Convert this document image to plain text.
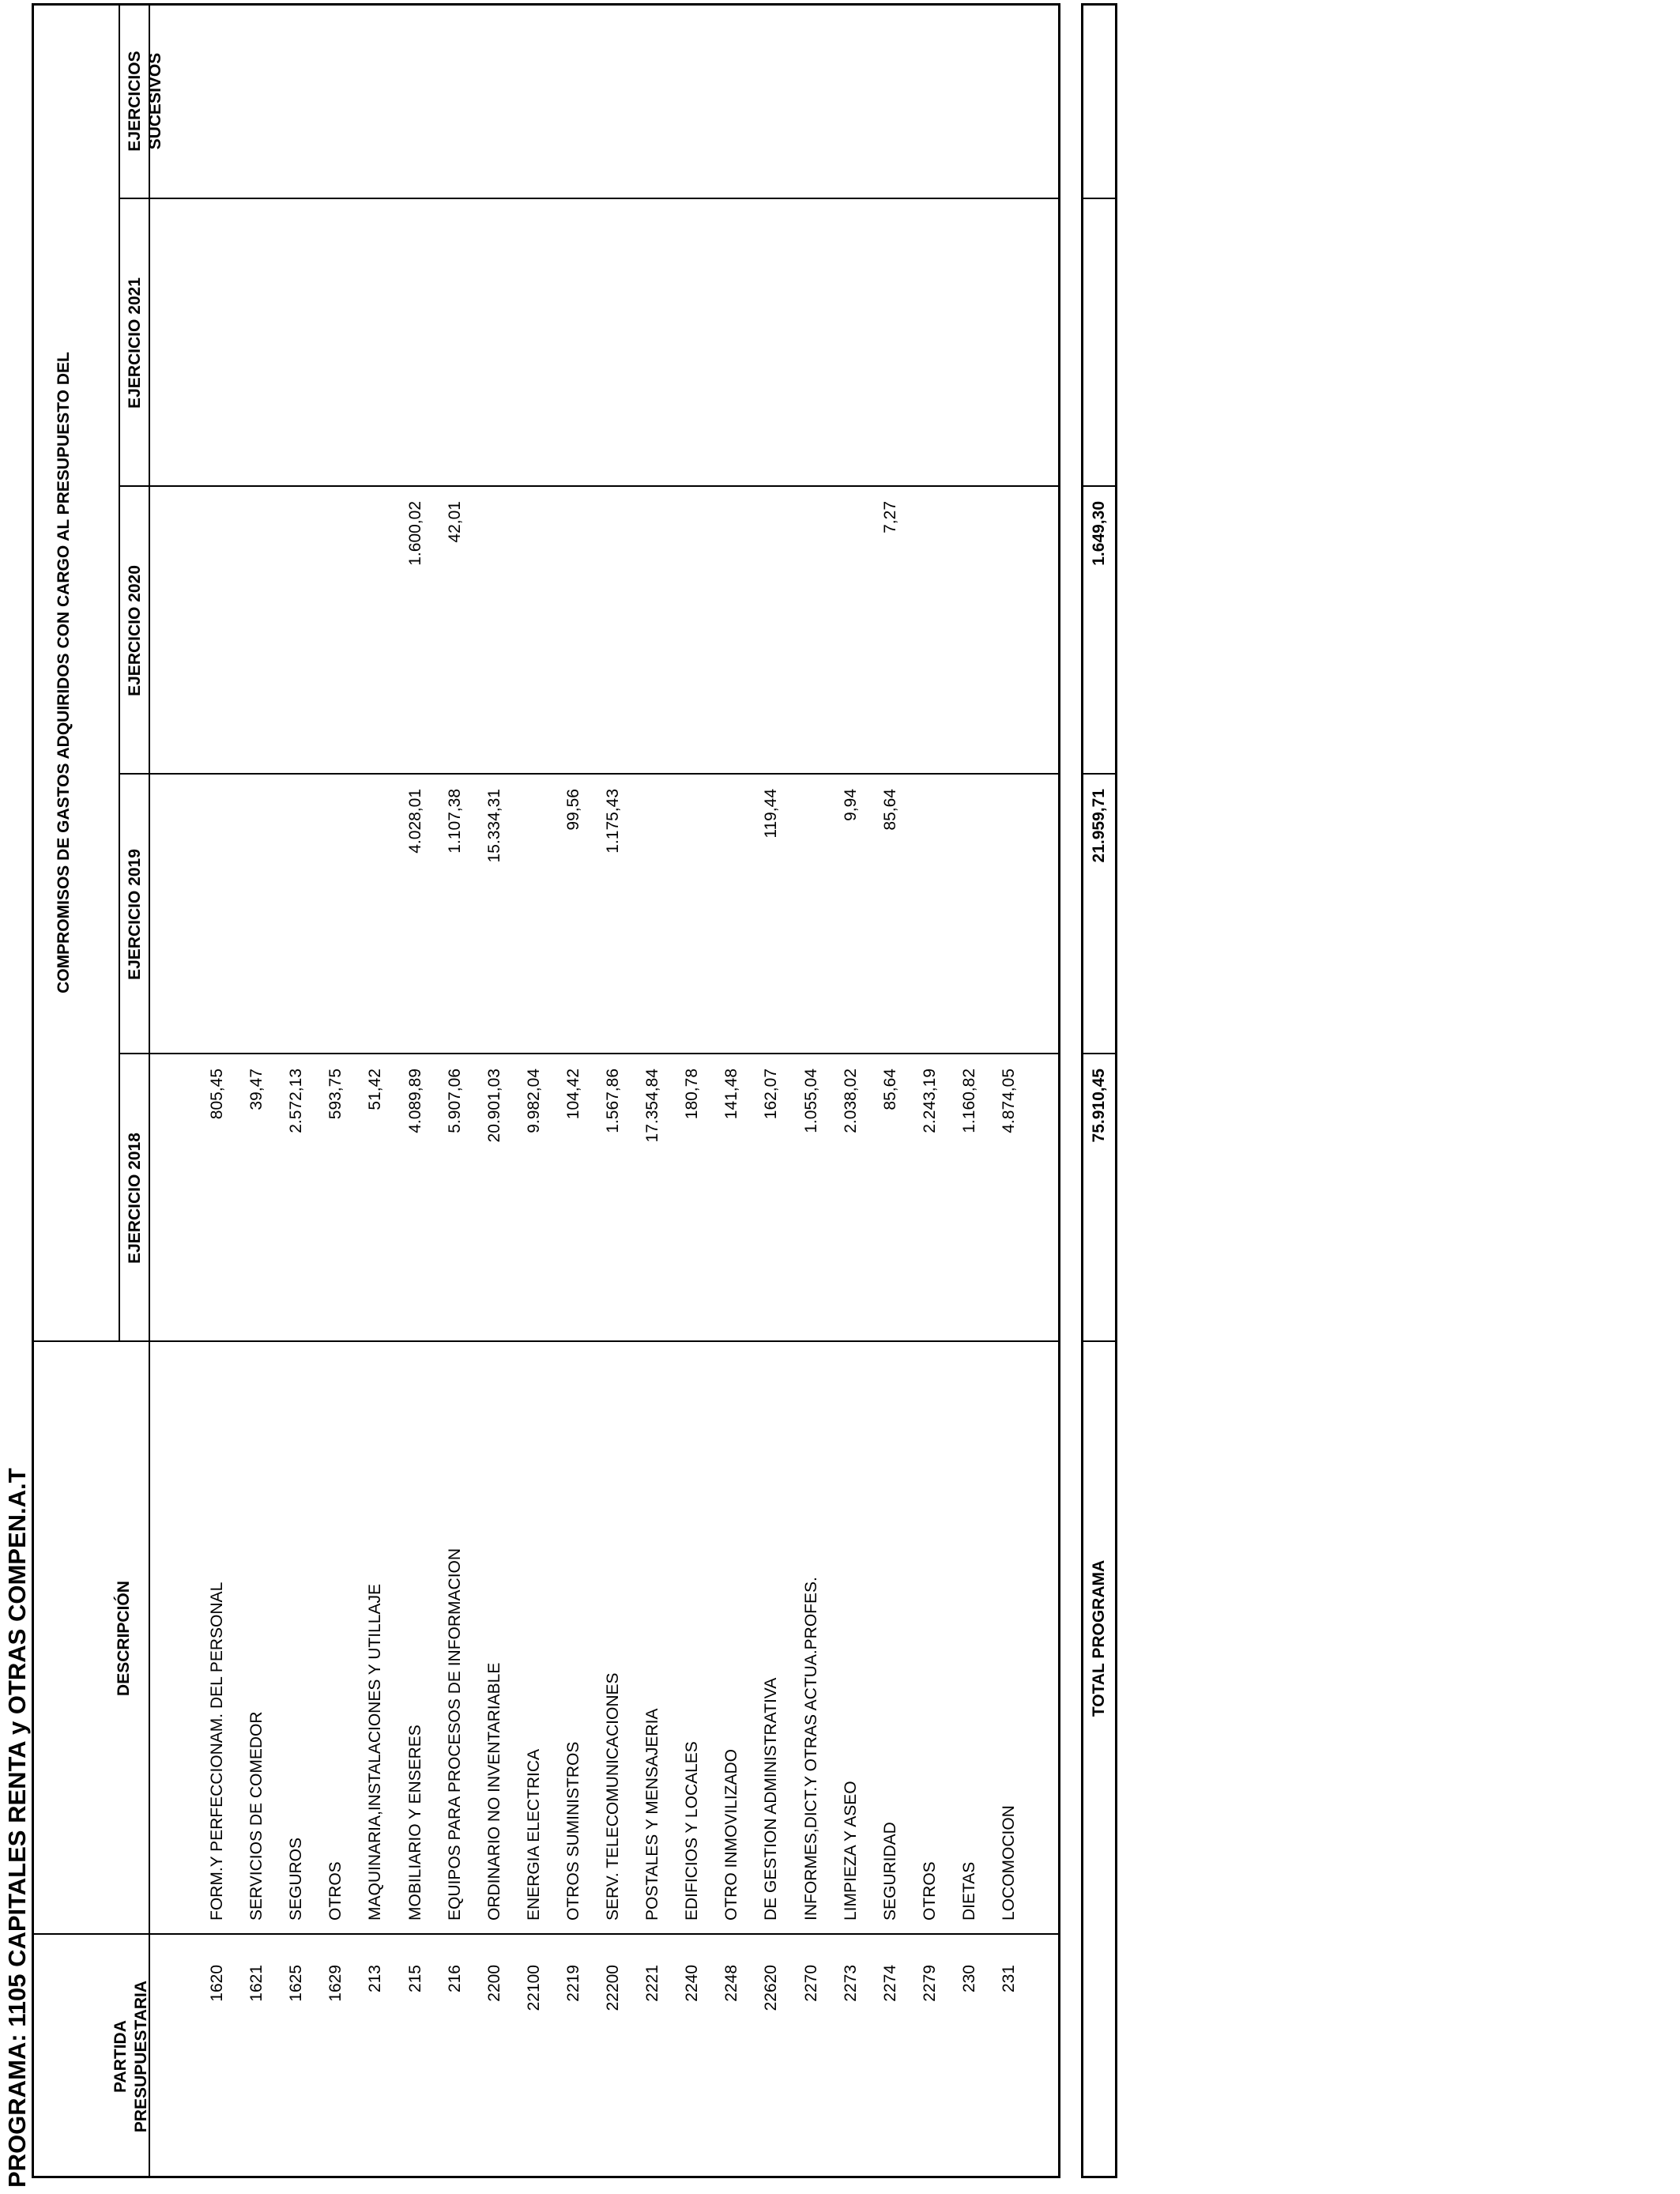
PROGRAMA: 1105 CAPITALES RENTA y OTRAS COMPEN.A.T	PARTIDA PRESUPUESTARIA
DESCRIPCIÓN
COMPROMISOS DE GASTOS ADQUIRIDOS CON CARGO AL PRESUPUESTO DEL
EJERCICIO 2018
EJERCICIO 2019
EJERCICIO 2020
EJERCICIO 2021
EJERCICIOS SUCESIVOS
1620
FORM.Y PERFECCIONAM. DEL PERSONAL
805,45
1621
SERVICIOS DE COMEDOR
39,47
1625
SEGUROS
2.572,13
1629
OTROS
593,75
213
MAQUINARIA,INSTALACIONES Y UTILLAJE
51,42
215
MOBILIARIO Y ENSERES
4.089,89
4.028,01
1.600,02
216
EQUIPOS PARA PROCESOS DE INFORMACION
5.907,06
1.107,38
42,01
2200
ORDINARIO NO INVENTARIABLE
20.901,03
15.334,31
22100
ENERGIA ELECTRICA
9.982,04
2219
OTROS SUMINISTROS
104,42
99,56
22200
SERV. TELECOMUNICACIONES
1.567,86
1.175,43
2221
POSTALES Y MENSAJERIA
17.354,84
2240
EDIFICIOS Y LOCALES
180,78
2248
OTRO INMOVILIZADO
141,48
22620
DE GESTION ADMINISTRATIVA
162,07
119,44
2270
INFORMES,DICT.Y OTRAS ACTUA.PROFES.
1.055,04
2273
LIMPIEZA Y ASEO
2.038,02
9,94
2274
SEGURIDAD
85,64
85,64
7,27
2279
OTROS
2.243,19
230
DIETAS
1.160,82
231
LOCOMOCION
4.874,05
TOTAL PROGRAMA
75.910,45
21.959,71
1.649,30
